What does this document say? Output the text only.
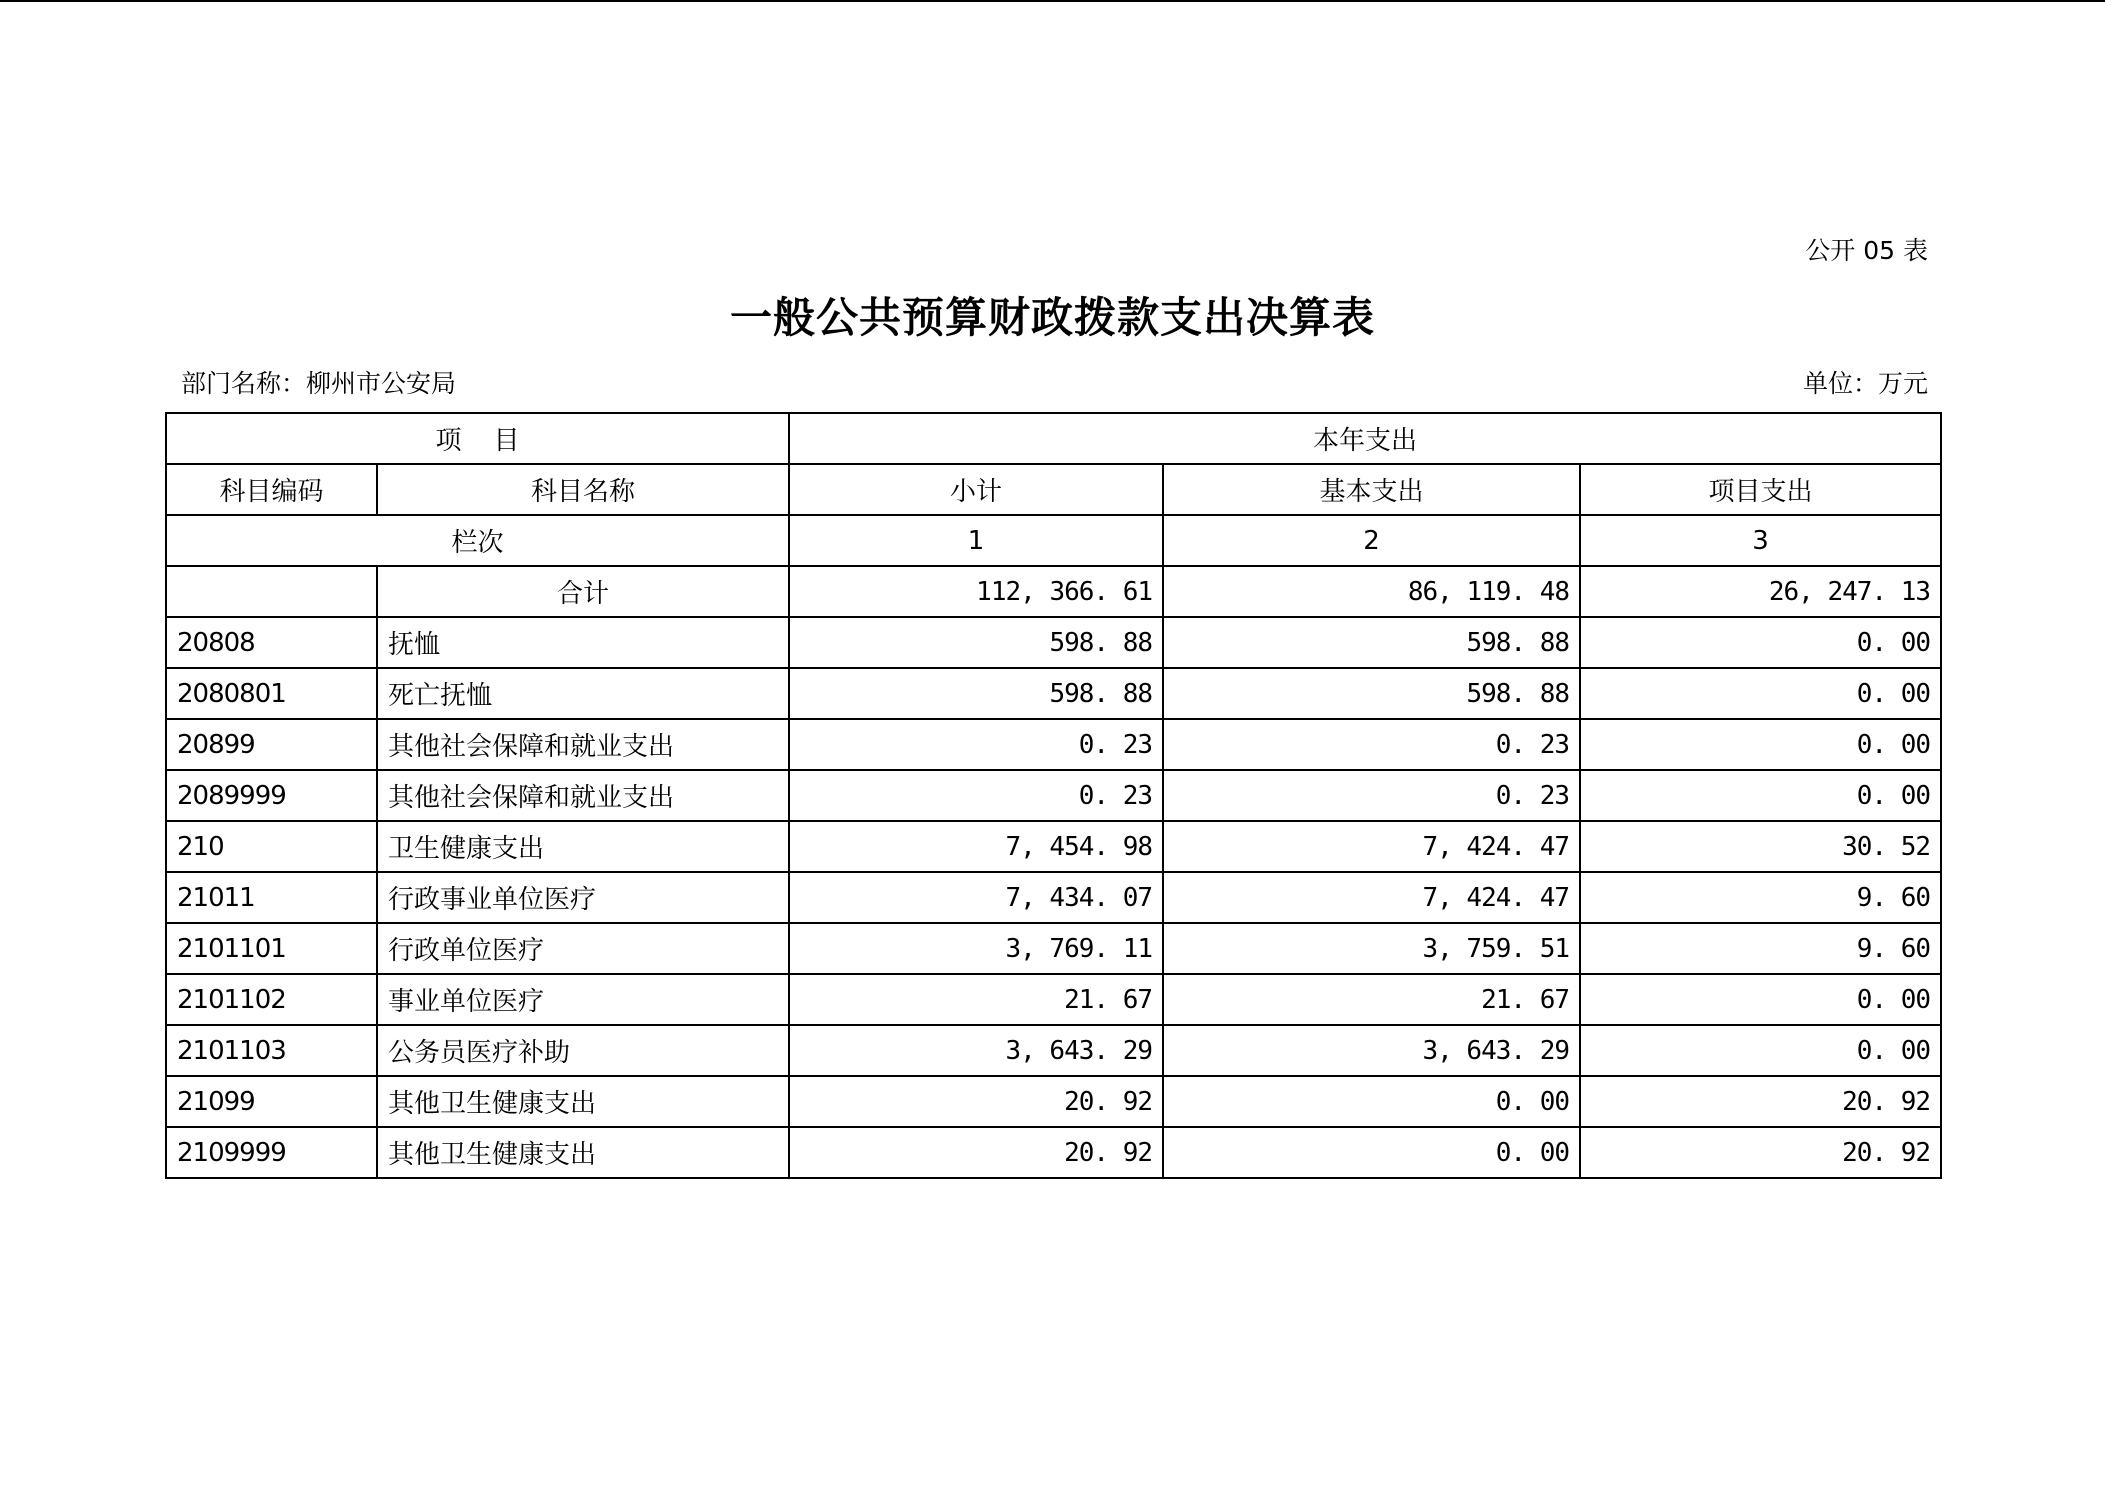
公开 05 表
一般公共预算财政拨款支出决算表
部门名称：柳州市公安局	单位：万元
项目		本年支出		
科目编码	科目名称	小计	基本支出	项目支出
栏次		1	2	3
	合计	112, 366. 61	86, 119. 48	26, 247. 13
20808	抚恤	598. 88	598. 88	0. 00
2080801	死亡抚恤	598. 88	598. 88	0. 00
20899	其他社会保障和就业支出	0. 23	0. 23	0. 00
2089999	其他社会保障和就业支出	0. 23	0. 23	0. 00
210	卫生健康支出	7, 454. 98	7, 424. 47	30. 52
21011	行政事业单位医疗	7, 434. 07	7, 424. 47	9. 60
2101101	行政单位医疗	3, 769. 11	3, 759. 51	9. 60
2101102	事业单位医疗	21. 67	21. 67	0. 00
2101103	公务员医疗补助	3, 643. 29	3, 643. 29	0. 00
21099	其他卫生健康支出	20. 92	0. 00	20. 92
2109999	其他卫生健康支出	20. 92	0. 00	20. 92
